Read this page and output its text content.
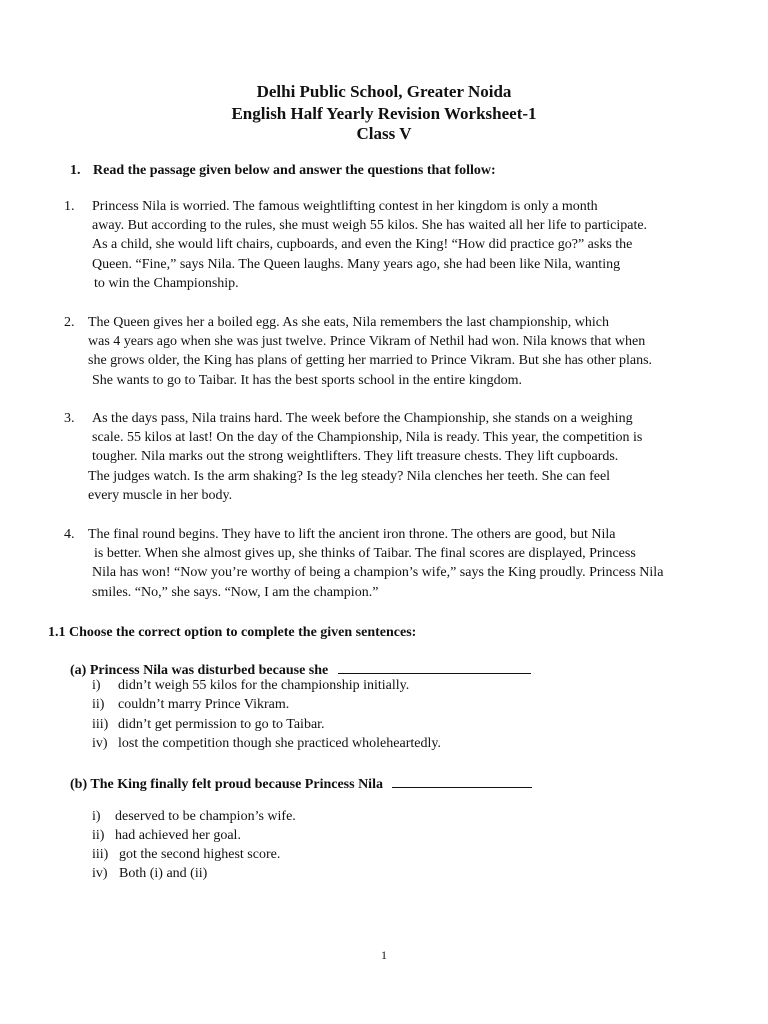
Delhi Public School, Greater Noida
English Half Yearly Revision Worksheet-1
Class V
1. Read the passage given below and answer the questions that follow:
1. Princess Nila is worried. The famous weightlifting contest in her kingdom is only a month
away. But according to the rules, she must weigh 55 kilos. She has waited all her life to participate.
As a child, she would lift chairs, cupboards, and even the King! “How did practice go?” asks the
Queen. “Fine,” says Nila. The Queen laughs. Many years ago, she had been like Nila, wanting
to win the Championship.
2. The Queen gives her a boiled egg. As she eats, Nila remembers the last championship, which
was 4 years ago when she was just twelve. Prince Vikram of Nethil had won. Nila knows that when
she grows older, the King has plans of getting her married to Prince Vikram. But she has other plans.
She wants to go to Taibar. It has the best sports school in the entire kingdom.
3. As the days pass, Nila trains hard. The week before the Championship, she stands on a weighing
scale. 55 kilos at last! On the day of the Championship, Nila is ready. This year, the competition is
tougher. Nila marks out the strong weightlifters. They lift treasure chests. They lift cupboards.
The judges watch. Is the arm shaking? Is the leg steady? Nila clenches her teeth. She can feel
every muscle in her body.
4. The final round begins. They have to lift the ancient iron throne. The others are good, but Nila
is better. When she almost gives up, she thinks of Taibar. The final scores are displayed, Princess
Nila has won! “Now you’re worthy of being a champion’s wife,” says the King proudly. Princess Nila
smiles. “No,” she says. “Now, I am the champion.”
1.1 Choose the correct option to complete the given sentences:
(a) Princess Nila was disturbed because she
i) didn’t weigh 55 kilos for the championship initially.
ii) couldn’t marry Prince Vikram.
iii) didn’t get permission to go to Taibar.
iv) lost the competition though she practiced wholeheartedly.
(b) The King finally felt proud because Princess Nila
i) deserved to be champion’s wife.
ii) had achieved her goal.
iii) got the second highest score.
iv) Both (i) and (ii)
1
